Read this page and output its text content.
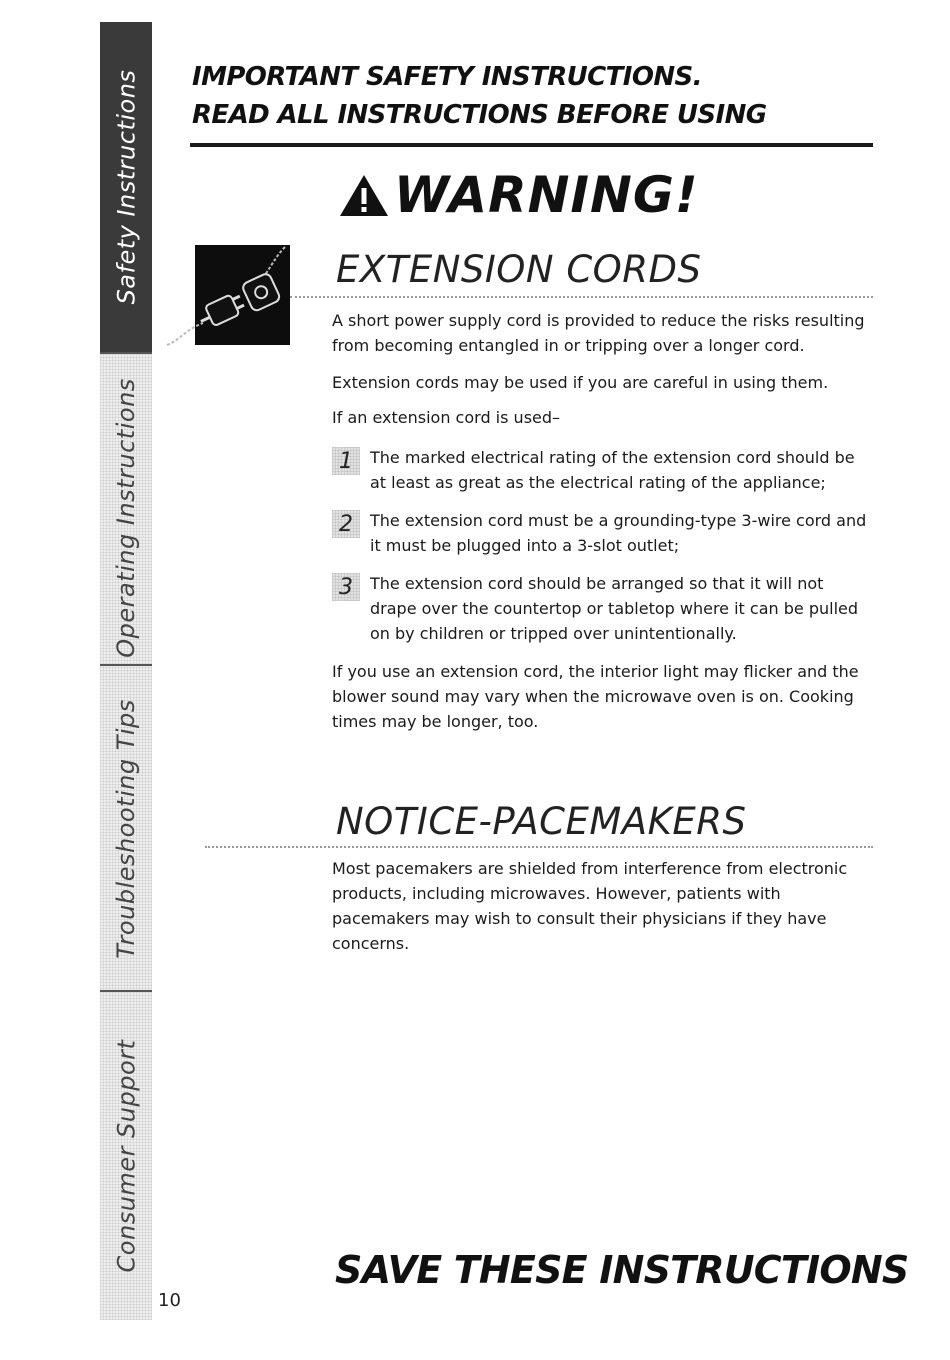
Safety Instructions
Operating Instructions
Troubleshooting Tips
Consumer Support
10
IMPORTANT SAFETY INSTRUCTIONS.
READ ALL INSTRUCTIONS BEFORE USING
WARNING!
EXTENSION CORDS

A short power supply cord is provided to reduce the risks resulting from becoming entangled in or tripping over a longer cord.

Extension cords may be used if you are careful in using them.

If an extension cord is used–

1	The marked electrical rating of the extension cord should be at least as great as the electrical rating of the appliance;

2	The extension cord must be a grounding-type 3-wire cord and it must be plugged into a 3-slot outlet;

3	The extension cord should be arranged so that it will not drape over the countertop or tabletop where it can be pulled on by children or tripped over unintentionally.

If you use an extension cord, the interior light may flicker and the blower sound may vary when the microwave oven is on. Cooking times may be longer, too.

NOTICE-PACEMAKERS

Most pacemakers are shielded from interference from electronic products, including microwaves. However, patients with pacemakers may wish to consult their physicians if they have concerns.

SAVE THESE INSTRUCTIONS
